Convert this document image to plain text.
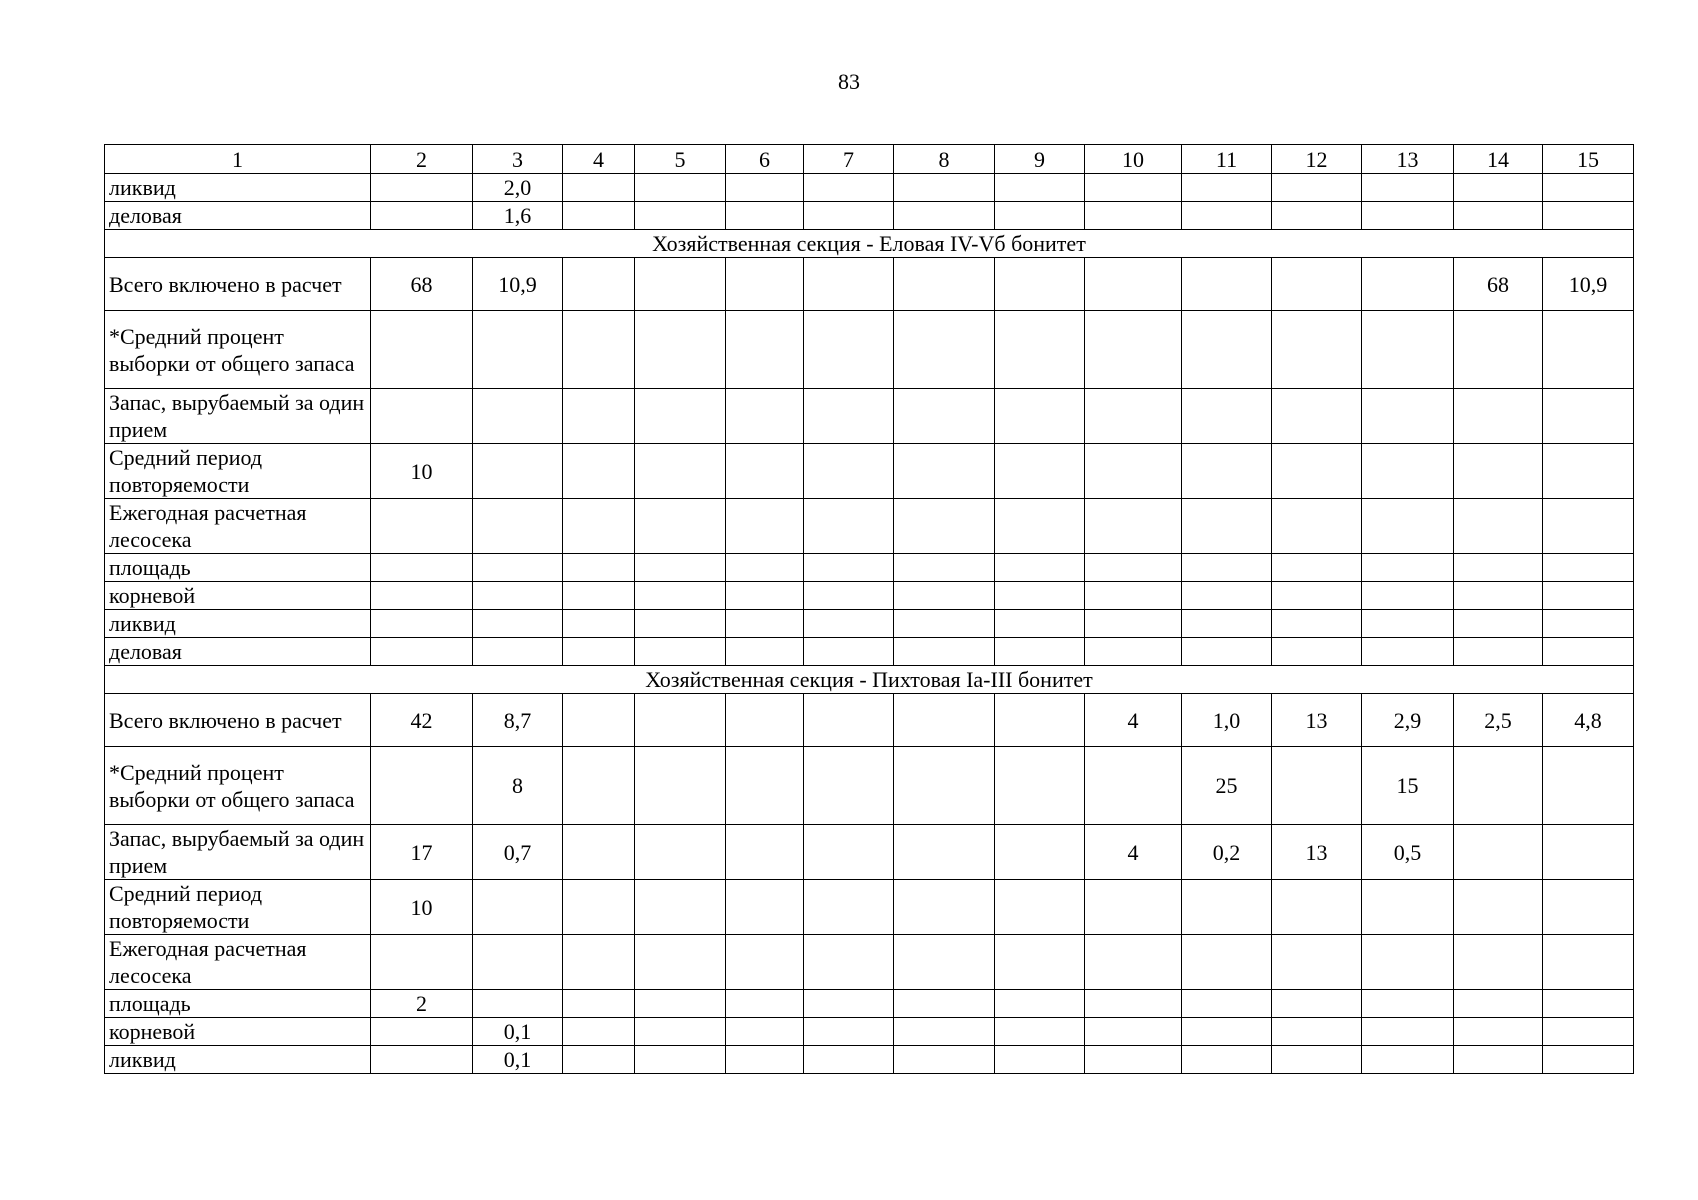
83
1	2	3	4	5	6	7	8	9	10	11	12	13	14	15
ликвид		2,0												
деловая		1,6												
Хозяйственная секция - Еловая IV-Vб бонитет														
Всего включено в расчет	68	10,9											68	10,9
*Средний процент выборки от общего запаса														
Запас, вырубаемый за один прием														
Средний период повторяемости	10													
Ежегодная расчетная лесосека														
площадь														
корневой														
ликвид														
деловая														
Хозяйственная секция - Пихтовая Ia-III бонитет														
Всего включено в расчет	42	8,7							4	1,0	13	2,9	2,5	4,8
*Средний процент выборки от общего запаса		8								25		15		
Запас, вырубаемый за один прием	17	0,7							4	0,2	13	0,5		
Средний период повторяемости	10													
Ежегодная расчетная лесосека														
площадь	2													
корневой		0,1												
ликвид		0,1												
